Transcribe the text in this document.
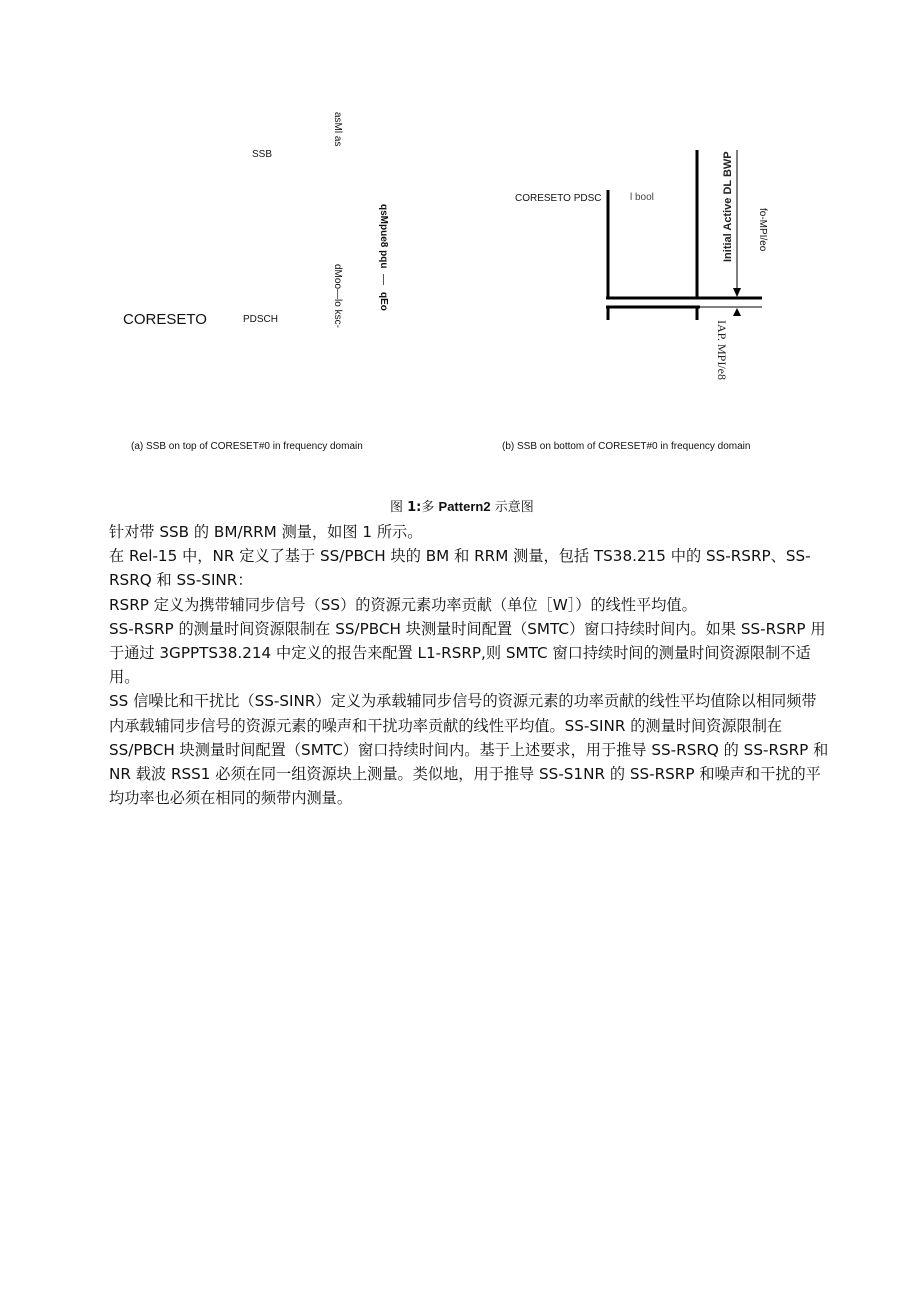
SSB
asMl as
qsMpue8 pqu
qEo
dMoo—lo ksc-
CORESETO	PDSCH
(a) SSB on top of CORESET#0 in frequency domain
CORESETO PDSC	l bool	Initial Active DL BWP fo-MPI/eo
IAP. MPI/e8
(b) SSB on bottom of CORESET#0 in frequency domain
图 1:多 Pattern2 示意图

针对带 SSB 的 BM/RRM 测量，如图 1 所示。

在 Rel-15 中，NR 定义了基于 SS/PBCH 块的 BM 和 RRM 测量，包括 TS38.215 中的 SS-RSRP、SS-RSRQ 和 SS-SINR：

RSRP 定义为携带辅同步信号（SS）的资源元素功率贡献（单位［W］）的线性平均值。

SS-RSRP 的测量时间资源限制在 SS/PBCH 块测量时间配置（SMTC）窗口持续时间内。如果 SS-RSRP 用于通过 3GPPTS38.214 中定义的报告来配置 L1-RSRP,则 SMTC 窗口持续时间的测量时间资源限制不适用。

SS 信噪比和干扰比（SS-SINR）定义为承载辅同步信号的资源元素的功率贡献的线性平均值除以相同频带内承载辅同步信号的资源元素的噪声和干扰功率贡献的线性平均值。SS-SINR 的测量时间资源限制在 SS/PBCH 块测量时间配置（SMTC）窗口持续时间内。基于上述要求，用于推导 SS-RSRQ 的 SS-RSRP 和 NR 载波 RSS1 必须在同一组资源块上测量。类似地，用于推导 SS-S1NR 的 SS-RSRP 和噪声和干扰的平均功率也必须在相同的频带内测量。
